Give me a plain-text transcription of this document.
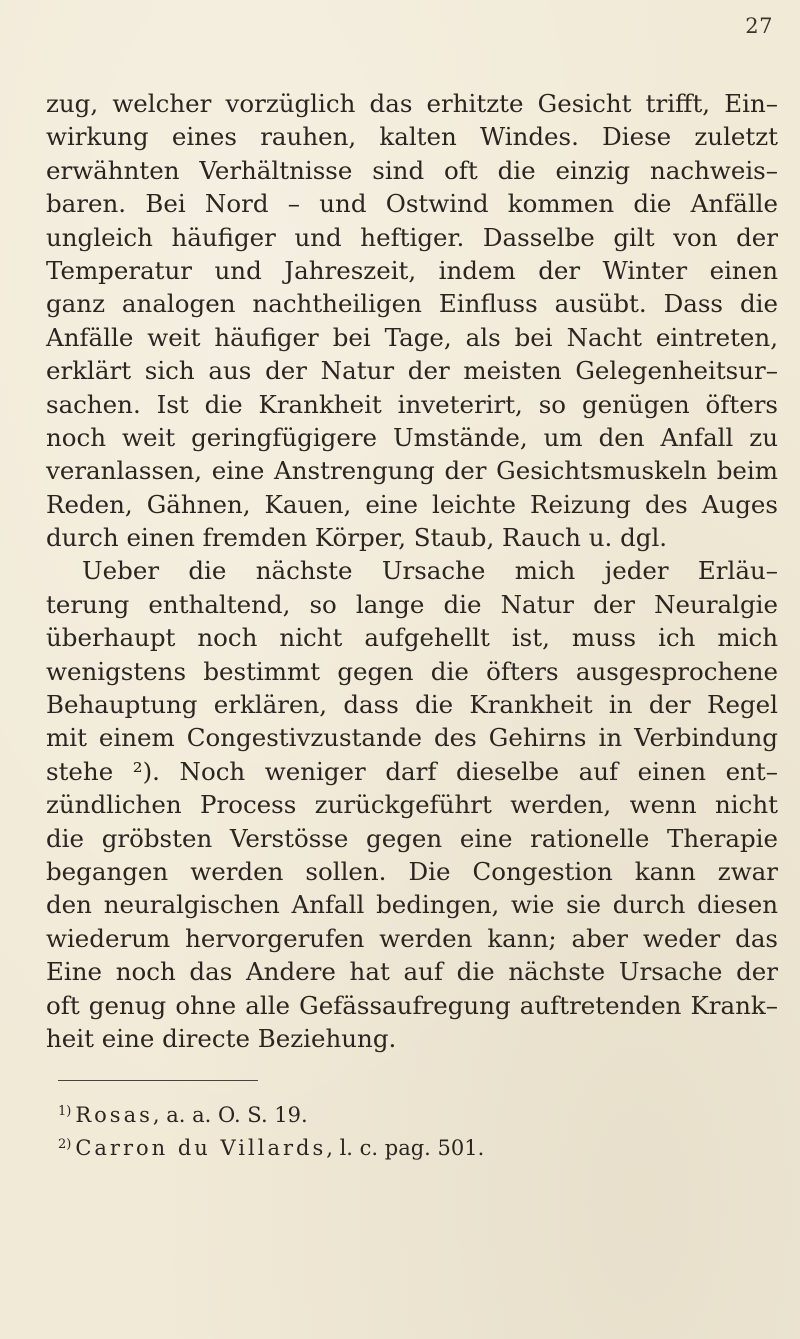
27
zug, welcher vorzüglich das erhitzte Gesicht trifft, Ein–
wirkung eines rauhen, kalten Windes. Diese zuletzt
erwähnten Verhältnisse sind oft die einzig nachweis–
baren. Bei Nord – und Ostwind kommen die Anfälle
ungleich häufiger und heftiger. Dasselbe gilt von der
Temperatur und Jahreszeit, indem der Winter einen
ganz analogen nachtheiligen Einfluss ausübt. Dass die
Anfälle weit häufiger bei Tage, als bei Nacht eintreten,
erklärt sich aus der Natur der meisten Gelegenheitsur–
sachen. Ist die Krankheit inveterirt, so genügen öfters
noch weit geringfügigere Umstände, um den Anfall zu
veranlassen, eine Anstrengung der Gesichtsmuskeln beim
Reden, Gähnen, Kauen, eine leichte Reizung des Auges
durch einen fremden Körper, Staub, Rauch u. dgl.
Ueber die nächste Ursache mich jeder Erläu–
terung enthaltend, so lange die Natur der Neuralgie
überhaupt noch nicht aufgehellt ist, muss ich mich
wenigstens bestimmt gegen die öfters ausgesprochene
Behauptung erklären, dass die Krankheit in der Regel
mit einem Congestivzustande des Gehirns in Verbindung
stehe ²). Noch weniger darf dieselbe auf einen ent–
zündlichen Process zurückgeführt werden, wenn nicht
die gröbsten Verstösse gegen eine rationelle Therapie
begangen werden sollen. Die Congestion kann zwar
den neuralgischen Anfall bedingen, wie sie durch diesen
wiederum hervorgerufen werden kann; aber weder das
Eine noch das Andere hat auf die nächste Ursache der
oft genug ohne alle Gefässaufregung auftretenden Krank–
heit eine directe Beziehung.
$^{1)}$ Rosas, a. a. O. S. 19.
$^{2)}$ Carron du Villards, l. c. pag. 501.
